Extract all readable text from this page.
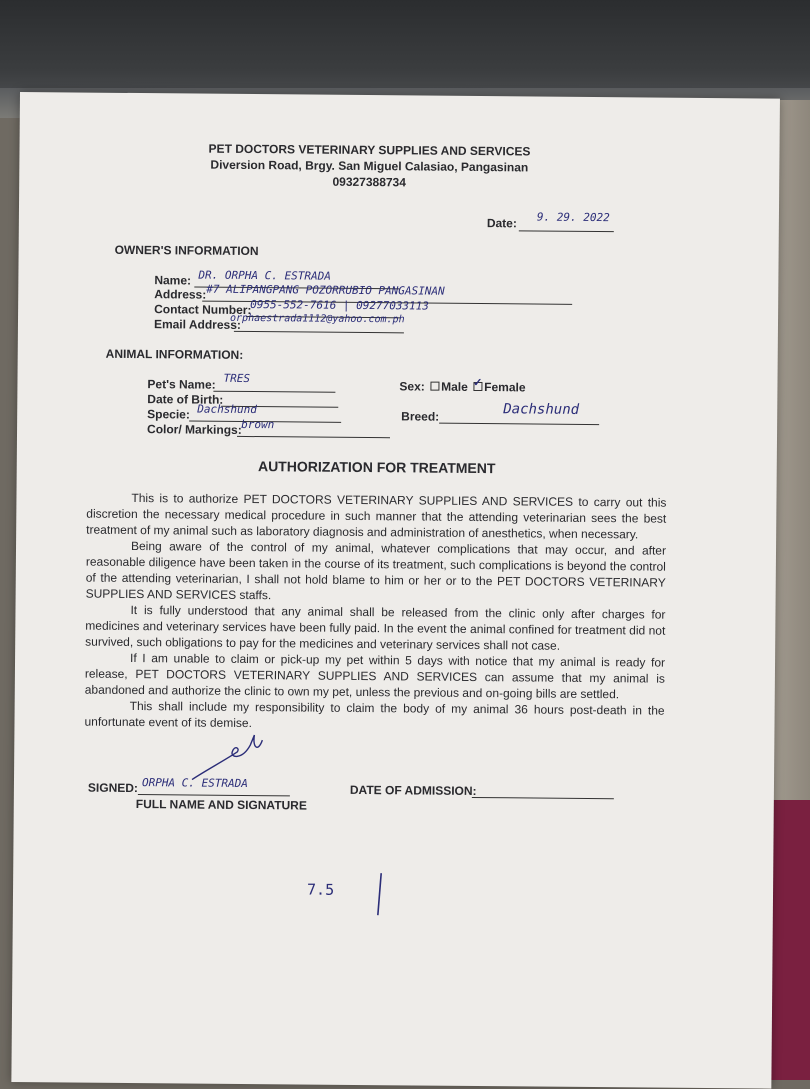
PET DOCTORS VETERINARY SUPPLIES AND SERVICES
Diversion Road, Brgy. San Miguel Calasiao, Pangasinan
09327388734
Date: 9. 29. 2022
OWNER'S INFORMATION
Name: DR. ORPHA C. ESTRADA
Address: #7 ALIPANGPANG POZORRUBIO PANGASINAN
Contact Number:
0955-552-7616 | 09277033113
Email Address:
orphaestrada1112@yahoo.com.ph
ANIMAL INFORMATION:
Pet's Name: TRES
Date of Birth:
Specie: Dachshund
Color/ Markings: brown
Sex: Male ✓ Female
Breed:	Dachshund
AUTHORIZATION FOR TREATMENT

This is to authorize PET DOCTORS VETERINARY SUPPLIES AND SERVICES to carry out this discretion the necessary medical procedure in such manner that the attending veterinarian sees the best treatment of my animal such as laboratory diagnosis and administration of anesthetics, when necessary.

Being aware of the control of my animal, whatever complications that may occur, and after reasonable diligence have been taken in the course of its treatment, such complications is beyond the control of the attending veterinarian, I shall not hold blame to him or her or to the PET DOCTORS VETERINARY SUPPLIES AND SERVICES staffs.

It is fully understood that any animal shall be released from the clinic only after charges for medicines and veterinary services have been fully paid. In the event the animal confined for treatment did not survived, such obligations to pay for the medicines and veterinary services shall not case.

If I am unable to claim or pick-up my pet within 5 days with notice that my animal is ready for release, PET DOCTORS VETERINARY SUPPLIES AND SERVICES can assume that my animal is abandoned and authorize the clinic to own my pet, unless the previous and on-going bills are settled.

This shall include my responsibility to claim the body of my animal 36 hours post-death in the unfortunate event of its demise.

SIGNED: ORPHA C. ESTRADA
FULL NAME AND SIGNATURE
DATE OF ADMISSION:
7.5
